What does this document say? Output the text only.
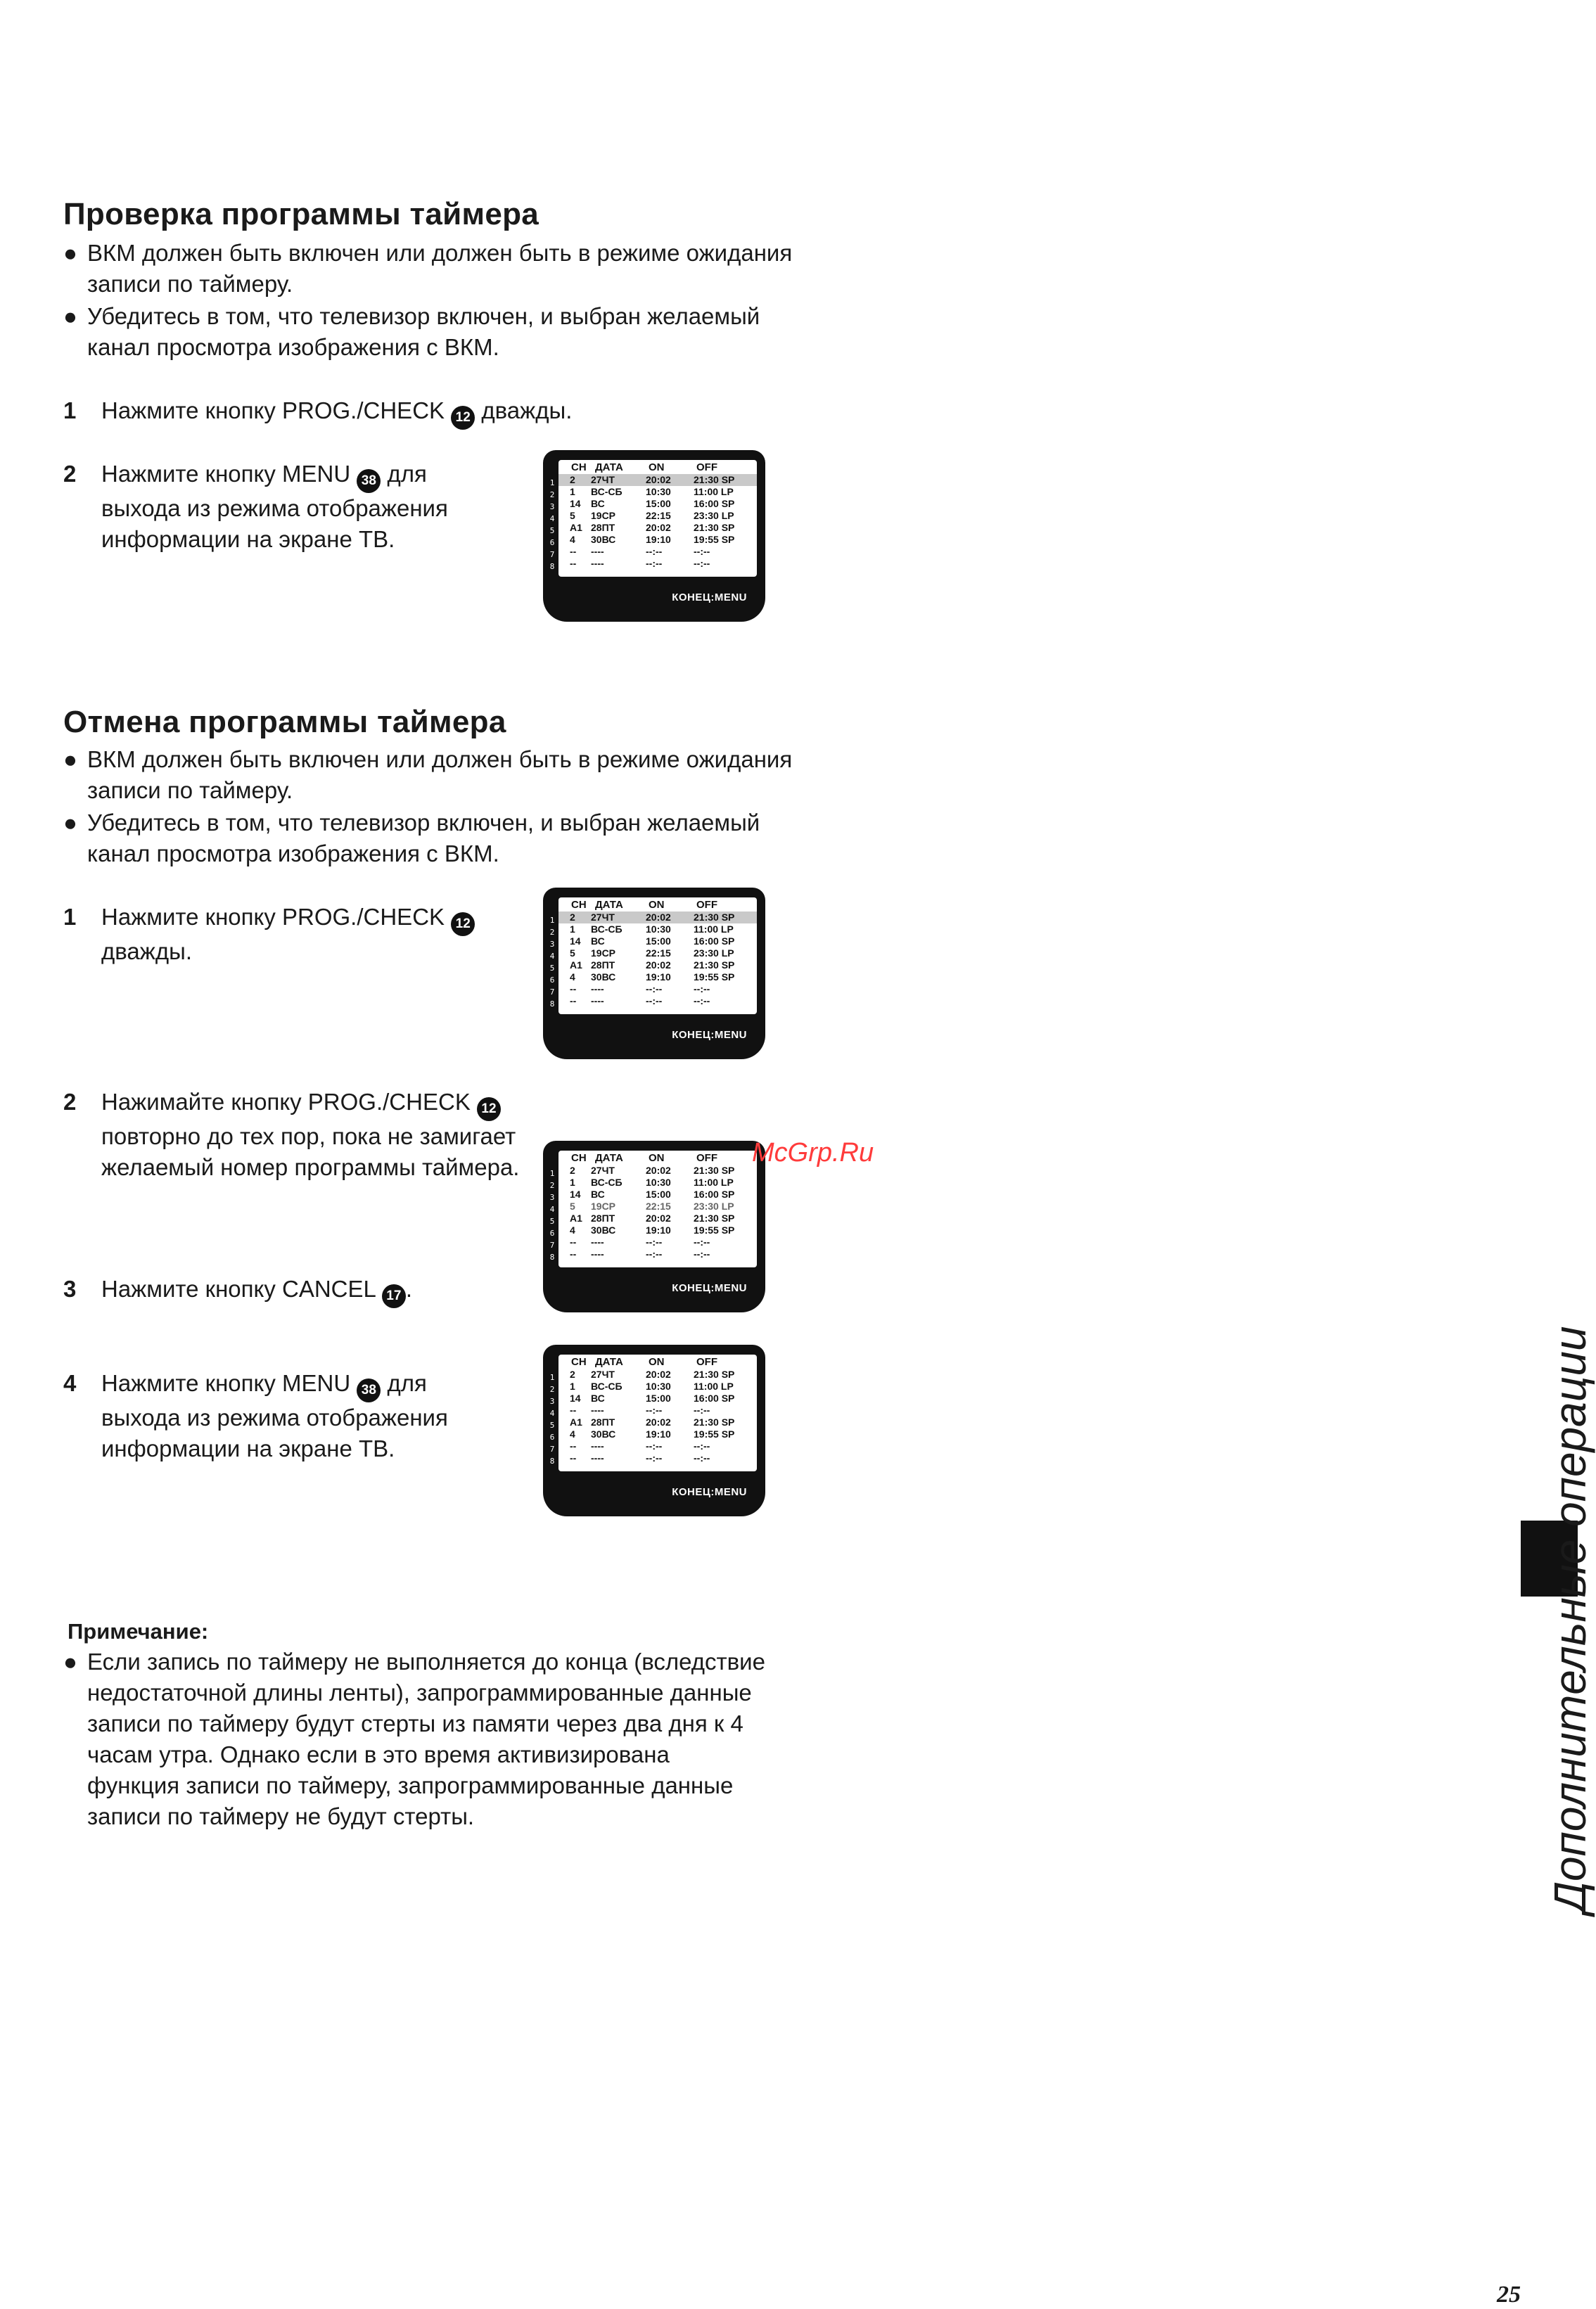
Проверка программы таймера
● ВКМ должен быть включен или должен быть в режиме ожидания записи по таймеру.
● Убедитесь в том, что телевизор включен, и выбран желаемый канал просмотра изображения с ВКМ.
1	Нажмите кнопку PROG./CHECK 12 дважды.
2	Нажмите кнопку MENU 38 для выхода из режима отображения информации на экране ТВ.
1
2
3
4
5
6
7
8
CH ДАТА ON	OFF
2 27ЧТ	20:02 21:30 SP
1 ВС-СБ 10:30 11:00 LP
14 ВС	15:00 16:00 SP
5 19СР	22:15 23:30 LP
A1 28ПТ	20:02 21:30 SP
4 30ВС	19:10 19:55 SP
-- ----	--:--	--:--
-- ----	--:--	--:--
КОНЕЦ:MENU
Отмена программы таймера
● ВКМ должен быть включен или должен быть в режиме ожидания записи по таймеру.
● Убедитесь в том, что телевизор включен, и выбран желаемый канал просмотра изображения с ВКМ.
1	Нажмите кнопку PROG./CHECK 12 дважды.
1
2
3
4
5
6
7
8
CH ДАТА ON	OFF
2 27ЧТ	20:02 21:30 SP
1 ВС-СБ 10:30 11:00 LP
14 ВС	15:00 16:00 SP
5 19СР	22:15 23:30 LP
A1 28ПТ	20:02 21:30 SP
4 30ВС	19:10 19:55 SP
-- ----	--:--	--:--
-- ----	--:--	--:--
КОНЕЦ:MENU
2	Нажимайте кнопку PROG./CHECK 12 повторно до тех пор, пока не замигает желаемый номер программы таймера.	1
2
3
4
5
6
7
8
CH ДАТА ON	OFF
2 27ЧТ	20:02 21:30 SP
1 ВС-СБ 10:30 11:00 LP
14 ВС	15:00 16:00 SP
5 19СР	22:15 23:30 LP
A1 28ПТ	20:02 21:30 SP
4 30ВС	19:10 19:55 SP
-- ----	--:--	--:--
-- ----	--:--	--:--
КОНЕЦ:MENU
3	Нажмите кнопку CANCEL 17 .
4	Нажмите кнопку MENU 38 для выхода из режима отображения информации на экране ТВ.
1
2
3
4
5
6
7
8
CH ДАТА ON	OFF
2 27ЧТ	20:02 21:30 SP
1 ВС-СБ 10:30 11:00 LP
14 ВС	15:00 16:00 SP
-- ----	--:--	--:--
A1 28ПТ	20:02 21:30 SP
4 30ВС	19:10 19:55 SP
-- ----	--:--	--:--
-- ----	--:--	--:--
КОНЕЦ:MENU
Примечание:
● Если запись по таймеру не выполняется до конца (вследствие недостаточной длины ленты), запрограммированные данные записи по таймеру будут стерты из памяти через два дня к 4 часам утра. Однако если в это время активизирована функция записи по таймеру, запрограммированные данные записи по таймеру не будут стерты.	Дополнительные операции
25
McGrp.Ru
